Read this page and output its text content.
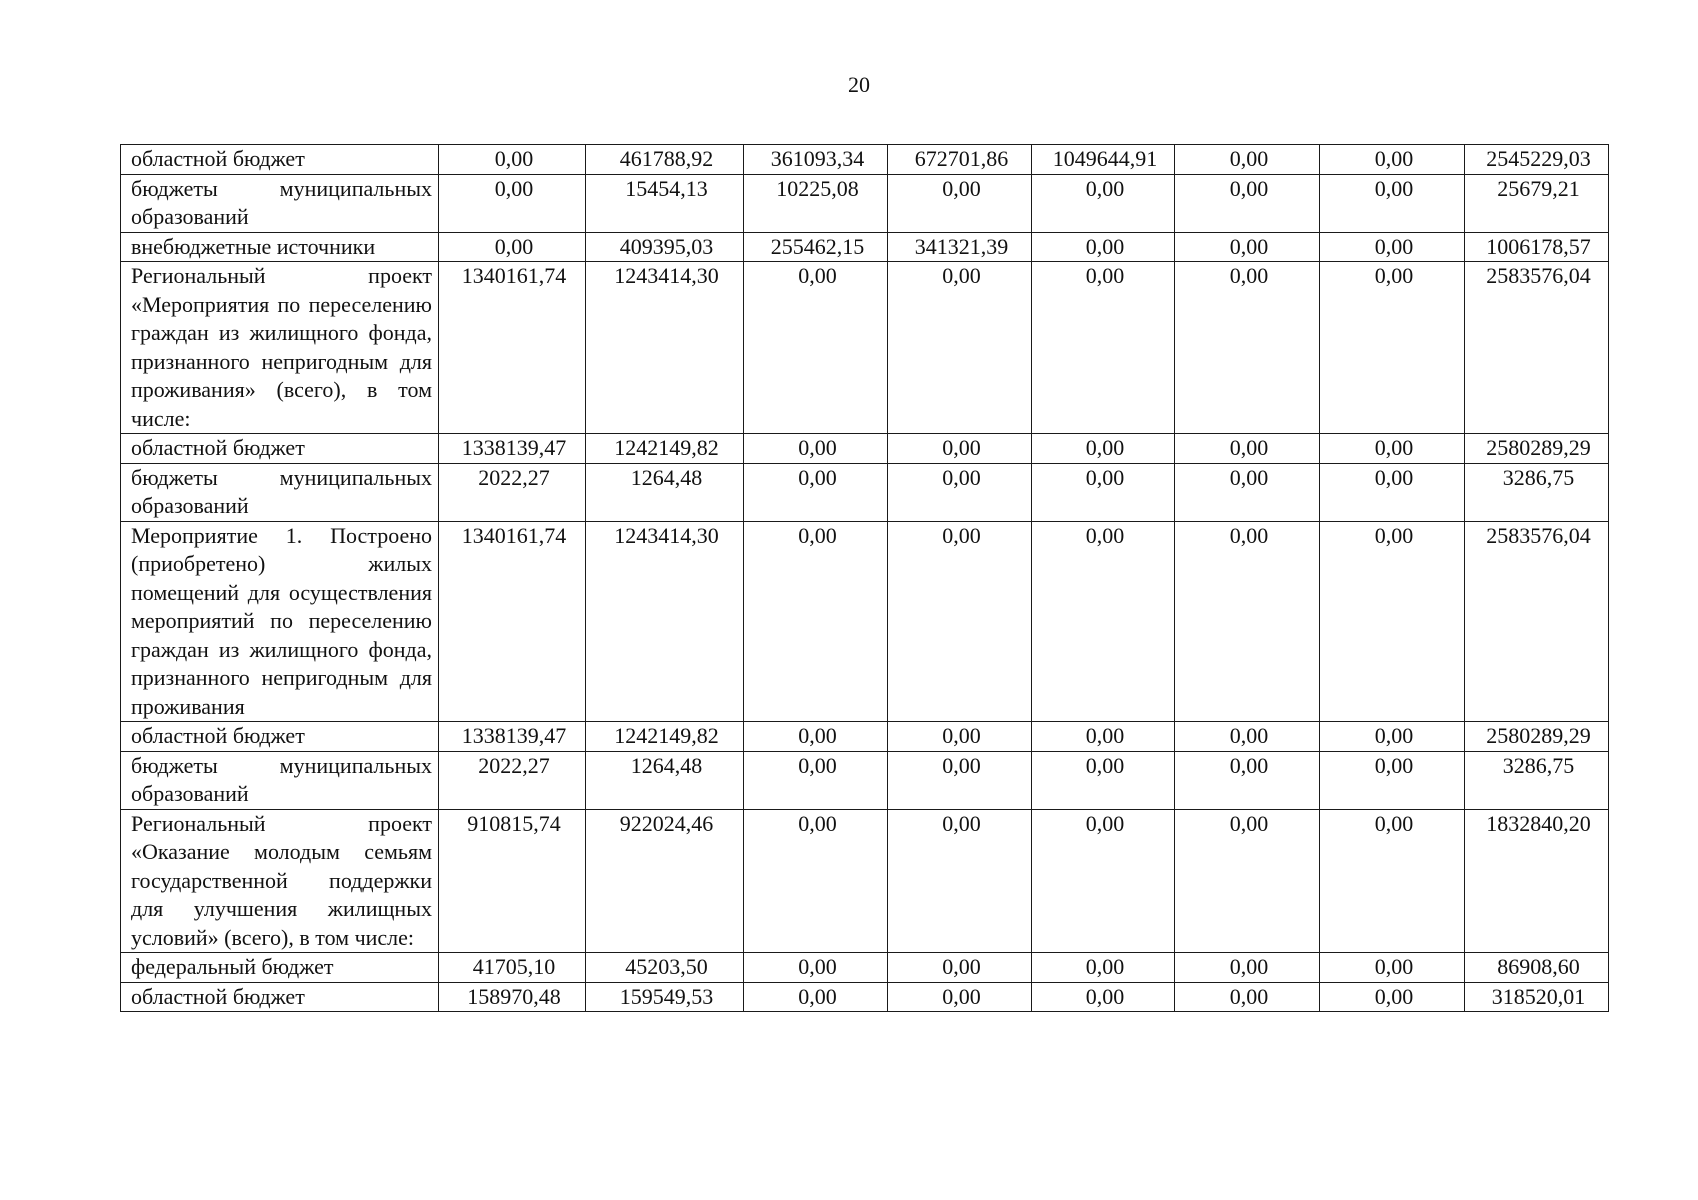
20
областной бюджет	0,00	461788,92	361093,34	672701,86	1049644,91	0,00	0,00	2545229,03
бюджеты муниципальных образований	0,00	15454,13	10225,08	0,00	0,00	0,00	0,00	25679,21
внебюджетные источники	0,00	409395,03	255462,15	341321,39	0,00	0,00	0,00	1006178,57
Региональный проект «Мероприятия по переселению граждан из жилищного фонда, признанного непригодным для проживания» (всего), в том числе:	1340161,74	1243414,30	0,00	0,00	0,00	0,00	0,00	2583576,04
областной бюджет	1338139,47	1242149,82	0,00	0,00	0,00	0,00	0,00	2580289,29
бюджеты муниципальных образований	2022,27	1264,48	0,00	0,00	0,00	0,00	0,00	3286,75
Мероприятие 1. Построено (приобретено) жилых помещений для осуществления мероприятий по переселению граждан из жилищного фонда, признанного непригодным для проживания	1340161,74	1243414,30	0,00	0,00	0,00	0,00	0,00	2583576,04
областной бюджет	1338139,47	1242149,82	0,00	0,00	0,00	0,00	0,00	2580289,29
бюджеты муниципальных образований	2022,27	1264,48	0,00	0,00	0,00	0,00	0,00	3286,75
Региональный проект «Оказание молодым семьям государственной поддержки для улучшения жилищных условий» (всего), в том числе:	910815,74	922024,46	0,00	0,00	0,00	0,00	0,00	1832840,20
федеральный бюджет	41705,10	45203,50	0,00	0,00	0,00	0,00	0,00	86908,60
областной бюджет	158970,48	159549,53	0,00	0,00	0,00	0,00	0,00	318520,01
